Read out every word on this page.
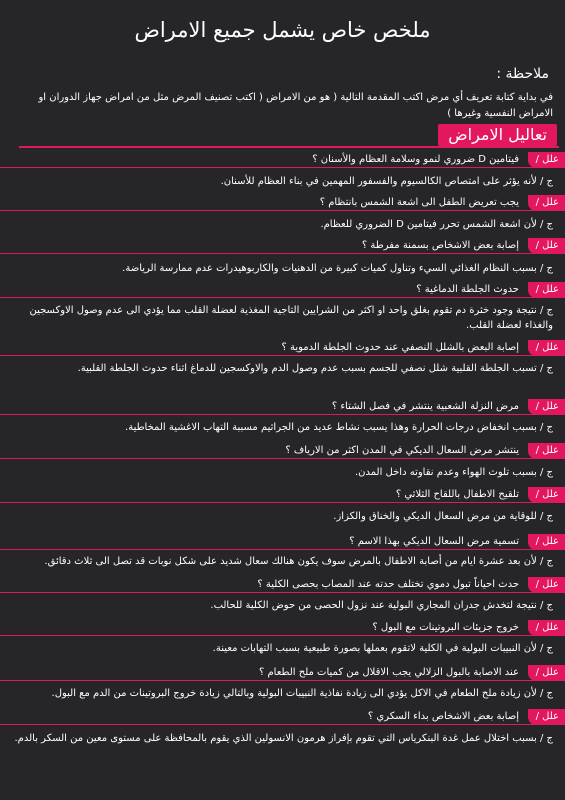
ملخص خاص يشمل جميع الامراض
ملاحظة :
في بداية كتابة تعريف أي مرض اكتب المقدمة التالية ( هو من الامراض ( اكتب تصنيف المرض مثل من امراض جهاز الدوران او الامراض النفسية وغيرها )
تعاليل الامراض
علل /
فيتامين D ضروري لنمو وسلامة العظام والأسنان ؟
ج / لأنه يؤثر على امتصاص الكالسيوم والفسفور المهمين في بناء العظام للأسنان.
علل /
يجب تعريض الطفل الى اشعة الشمس بانتظام ؟
ج / لأن اشعة الشمس تحرر فيتامين D الضروري للعظام.
علل /
إصابة بعض الاشخاص بسمنة مفرطة ؟
ج / بسبب النظام الغذائي السيء وتناول كميات كبيرة من الدهنيات والكاربوهيدرات عدم ممارسة الرياضة.
علل /
حدوث الجلطة الدماغية ؟
ج / نتيجة وجود خثرة دم تقوم بغلق واحد او اكثر من الشرايين التاجية المغذية لعضلة القلب مما يؤدي الى عدم وصول الاوكسجين والغذاء لعضلة القلب.
علل /
إصابة البعض بالشلل النصفي عند حدوث الجلطة الدموية ؟
ج / تسبب الجلطة القلبية شلل نصفي للجسم بسبب عدم وصول الدم والاوكسجين للدماغ اثناء حدوث الجلطة القلبية.
علل /
مرض النزلة الشعبية ينتشر في فصل الشتاء ؟
ج / بسبب انخفاض درجات الحرارة وهذا يسبب نشاط عديد من الجراثيم مسببة التهاب الاغشية المخاطية.
علل /
ينتشر مرض السعال الديكي في المدن اكثر من الارياف ؟
ج / بسبب تلوث الهواء وعدم نقاوته داخل المدن.
علل /
تلقيح الاطفال باللقاح الثلاثي ؟
ج / للوقاية من مرض السعال الديكي والخناق والكزاز.
علل /
تسمية مرض السعال الديكي بهذا الاسم ؟
ج / لأن بعد عشرة ايام من أصابة الاطفال بالمرض سوف يكون هنالك سعال شديد على شكل نوبات قد تصل الى ثلاث دقائق.
علل /
حدث احياناً تبول دموي تختلف حدته عند المصاب بحصى الكلية ؟
ج / نتيجة لتخدش جدران المجاري البولية عند نزول الحصى من حوض الكلية للحالب.
علل /
خروج جزيئات البروتينات مع البول ؟
ج / لأن النبيبات البولية في الكلية لاتقوم بعملها بصورة طبيعية بسبب التهابات معينة.
علل /
عند الاصابة بالبول الزلالي يجب الاقلال من كميات ملح الطعام ؟
ج / لأن زيادة ملح الطعام في الاكل يؤدي الى زيادة نفاذية النبيبات البولية وبالتالي زيادة خروج البروتينات من الدم مع البول.
علل /
إصابة بعض الاشخاص بداء السكري ؟
ج / بسبب اختلال عمل غدة البنكرياس التي تقوم بإفراز هرمون الانسولين الذي يقوم بالمحافظة على مستوى معين من السكر بالدم.
